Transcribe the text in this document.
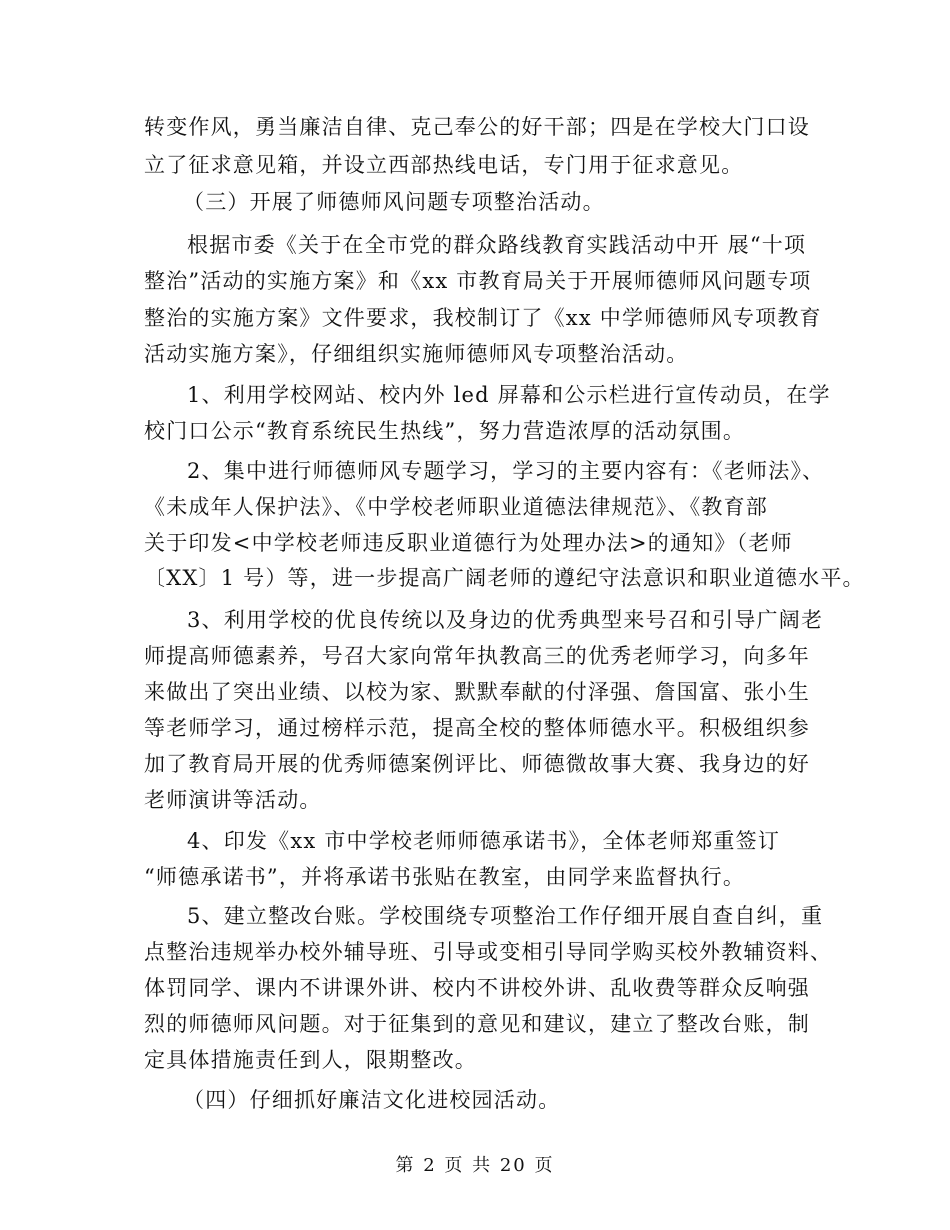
转变作风，勇当廉洁自律、克己奉公的好干部；四是在学校大门口设
立了征求意见箱，并设立西部热线电话，专门用于征求意见。
（三）开展了师德师风问题专项整治活动。
根据市委《关于在全市党的群众路线教育实践活动中开 展“十项
整治”活动的实施方案》和《xx 市教育局关于开展师德师风问题专项
整治的实施方案》文件要求，我校制订了《xx 中学师德师风专项教育
活动实施方案》，仔细组织实施师德师风专项整治活动。
1、利用学校网站、校内外 led 屏幕和公示栏进行宣传动员，在学
校门口公示“教育系统民生热线”，努力营造浓厚的活动氛围。
2、集中进行师德师风专题学习，学习的主要内容有：《老师法》、
《未成年人保护法》、《中学校老师职业道德法律规范》、《教育部
关于印发<中学校老师违反职业道德行为处理办法>的通知》（老师
〔XX〕1 号）等，进一步提高广阔老师的遵纪守法意识和职业道德水平。
3、利用学校的优良传统以及身边的优秀典型来号召和引导广阔老
师提高师德素养，号召大家向常年执教高三的优秀老师学习，向多年
来做出了突出业绩、以校为家、默默奉献的付泽强、詹国富、张小生
等老师学习，通过榜样示范，提高全校的整体师德水平。积极组织参
加了教育局开展的优秀师德案例评比、师德微故事大赛、我身边的好
老师演讲等活动。
4、印发《xx 市中学校老师师德承诺书》，全体老师郑重签订
“师德承诺书”，并将承诺书张贴在教室，由同学来监督执行。
5、建立整改台账。学校围绕专项整治工作仔细开展自查自纠，重
点整治违规举办校外辅导班、引导或变相引导同学购买校外教辅资料、
体罚同学、课内不讲课外讲、校内不讲校外讲、乱收费等群众反响强
烈的师德师风问题。对于征集到的意见和建议，建立了整改台账，制
定具体措施责任到人，限期整改。
（四）仔细抓好廉洁文化进校园活动。
第 2 页 共 20 页
